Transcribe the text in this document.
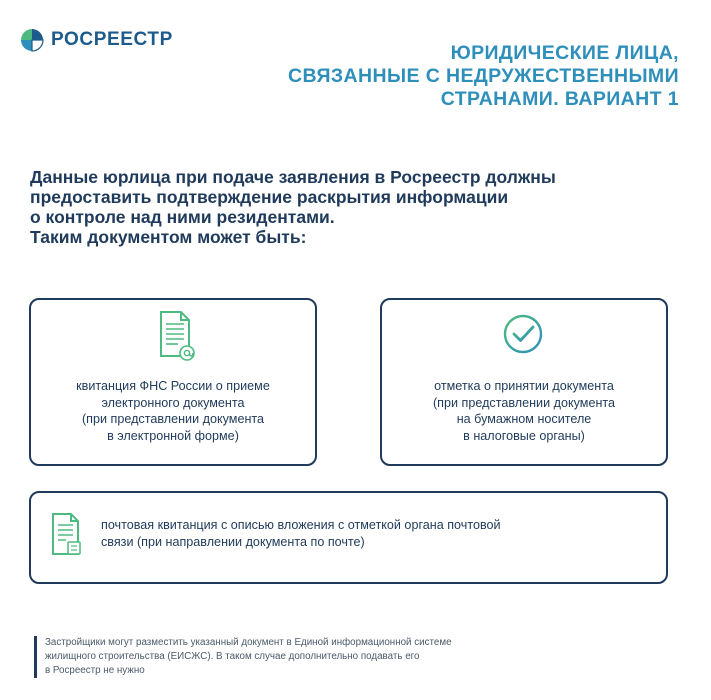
РОСРЕЕСТР
ЮРИДИЧЕСКИЕ ЛИЦА,
СВЯЗАННЫЕ С НЕДРУЖЕСТВЕННЫМИ
СТРАНАМИ. ВАРИАНТ 1
Данные юрлица при подаче заявления в Росреестр должны
предоставить подтверждение раскрытия информации
о контроле над ними резидентами.
Таким документом может быть:
квитанция ФНС России о приеме
электронного документа
(при представлении документа
в электронной форме)
отметка о принятии документа
(при представлении документа
на бумажном носителе
в налоговые органы)
почтовая квитанция с описью вложения с отметкой органа почтовой
связи (при направлении документа по почте)
Застройщики могут разместить указанный документ в Единой информационной системе
жилищного строительства (ЕИСЖС). В таком случае дополнительно подавать его
в Росреестр не нужно
